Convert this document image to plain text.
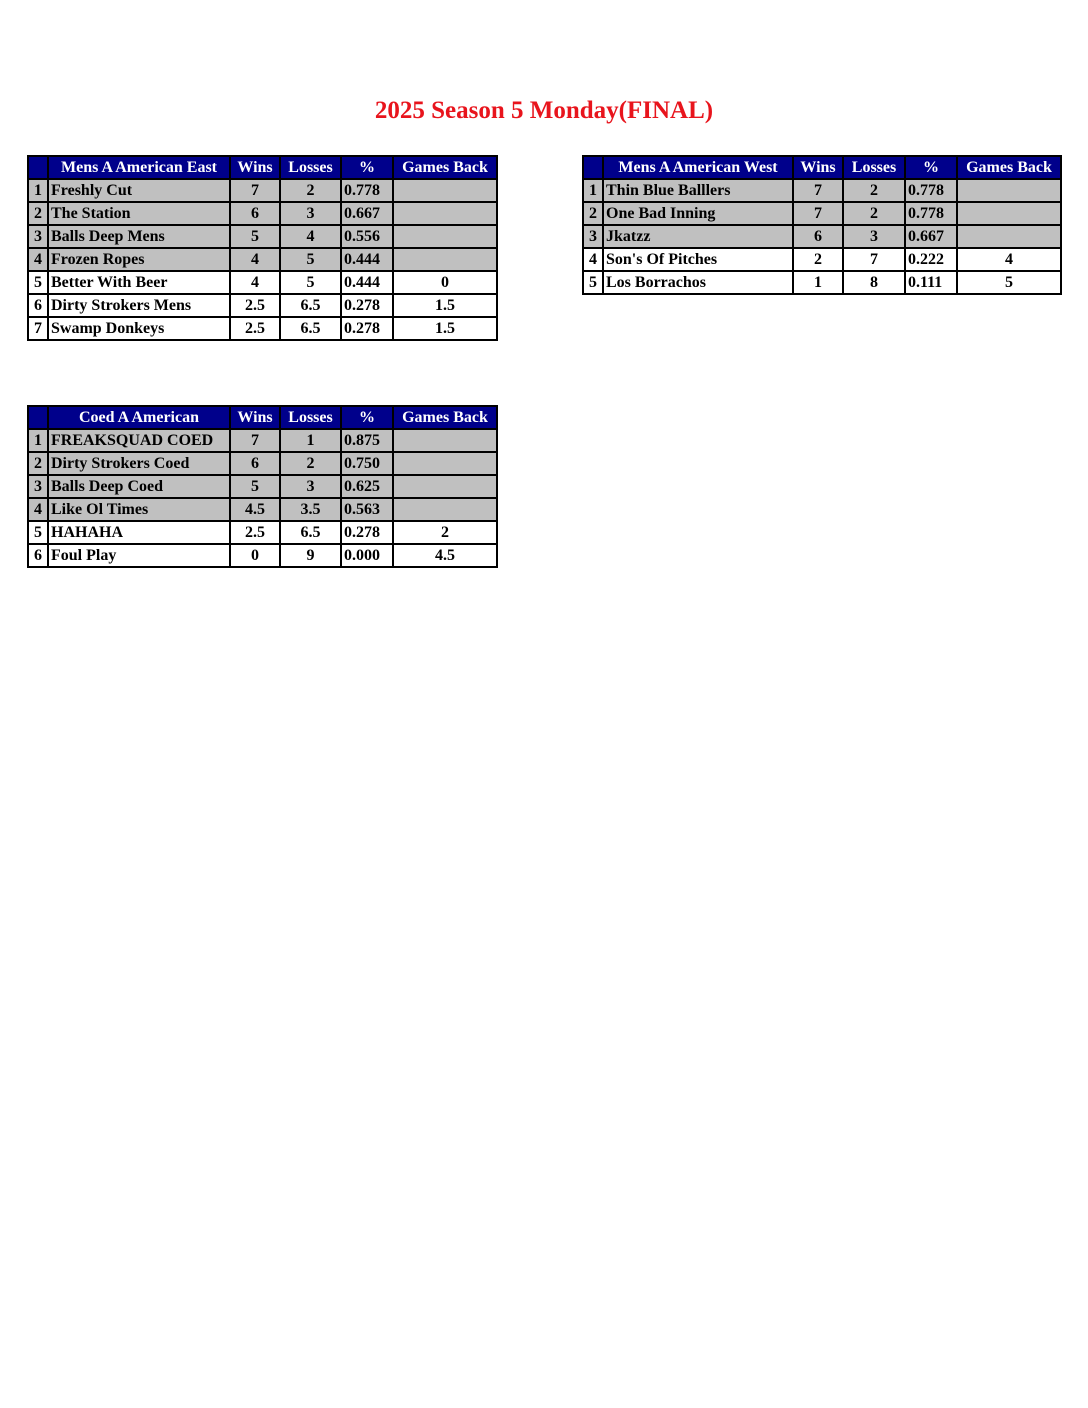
2025 Season 5 Monday(FINAL)
	Mens A American East	Wins	Losses	%	Games Back
1	Freshly Cut	7	2	0.778	
2	The Station	6	3	0.667	
3	Balls Deep Mens	5	4	0.556	
4	Frozen Ropes	4	5	0.444	
5	Better With Beer	4	5	0.444	0
6	Dirty Strokers Mens	2.5	6.5	0.278	1.5
7	Swamp Donkeys	2.5	6.5	0.278	1.5
	Mens A American West	Wins	Losses	%	Games Back
1	Thin Blue Balllers	7	2	0.778	
2	One Bad Inning	7	2	0.778	
3	Jkatzz	6	3	0.667	
4	Son's Of Pitches	2	7	0.222	4
5	Los Borrachos	1	8	0.111	5
	Coed A American	Wins	Losses	%	Games Back
1	FREAKSQUAD COED	7	1	0.875	
2	Dirty Strokers Coed	6	2	0.750	
3	Balls Deep Coed	5	3	0.625	
4	Like Ol Times	4.5	3.5	0.563	
5	HAHAHA	2.5	6.5	0.278	2
6	Foul Play	0	9	0.000	4.5
